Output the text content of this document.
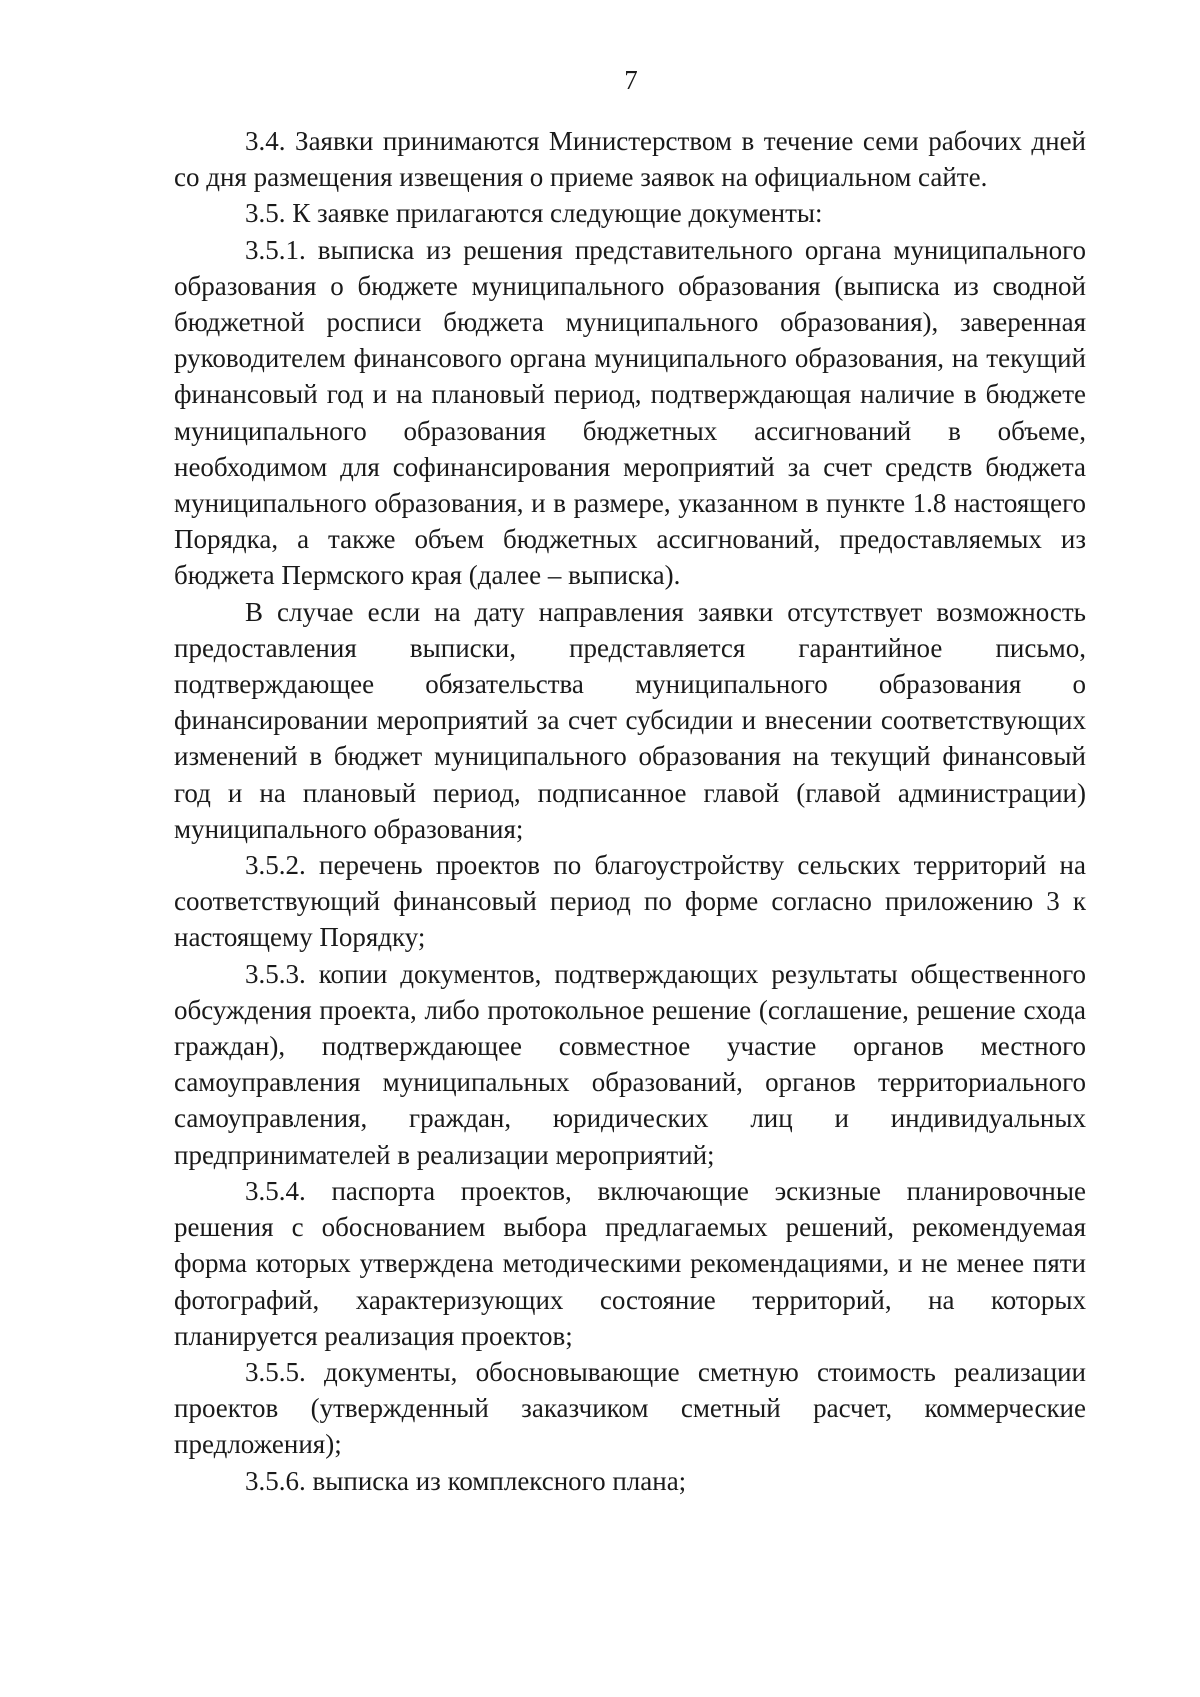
7

3.4. Заявки принимаются Министерством в течение семи рабочих дней со дня размещения извещения о приеме заявок на официальном сайте.

3.5. К заявке прилагаются следующие документы:

3.5.1. выписка из решения представительного органа муниципального образования о бюджете муниципального образования (выписка из сводной бюджетной росписи бюджета муниципального образования), заверенная руководителем финансового органа муниципального образования, на текущий финансовый год и на плановый период, подтверждающая наличие в бюджете муниципального образования бюджетных ассигнований в объеме, необходимом для софинансирования мероприятий за счет средств бюджета муниципального образования, и в размере, указанном в пункте 1.8 настоящего Порядка, а также объем бюджетных ассигнований, предоставляемых из бюджета Пермского края (далее – выписка).

В случае если на дату направления заявки отсутствует возможность предоставления выписки, представляется гарантийное письмо, подтверждающее обязательства муниципального образования о финансировании мероприятий за счет субсидии и внесении соответствующих изменений в бюджет муниципального образования на текущий финансовый год и на плановый период, подписанное главой (главой администрации) муниципального образования;

3.5.2. перечень проектов по благоустройству сельских территорий на соответствующий финансовый период по форме согласно приложению 3 к настоящему Порядку;

3.5.3. копии документов, подтверждающих результаты общественного обсуждения проекта, либо протокольное решение (соглашение, решение схода граждан), подтверждающее совместное участие органов местного самоуправления муниципальных образований, органов территориального самоуправления, граждан, юридических лиц и индивидуальных предпринимателей в реализации мероприятий;

3.5.4. паспорта проектов, включающие эскизные планировочные решения с обоснованием выбора предлагаемых решений, рекомендуемая форма которых утверждена методическими рекомендациями, и не менее пяти фотографий, характеризующих состояние территорий, на которых планируется реализация проектов;

3.5.5. документы, обосновывающие сметную стоимость реализации проектов (утвержденный заказчиком сметный расчет, коммерческие предложения);

3.5.6. выписка из комплексного плана;
